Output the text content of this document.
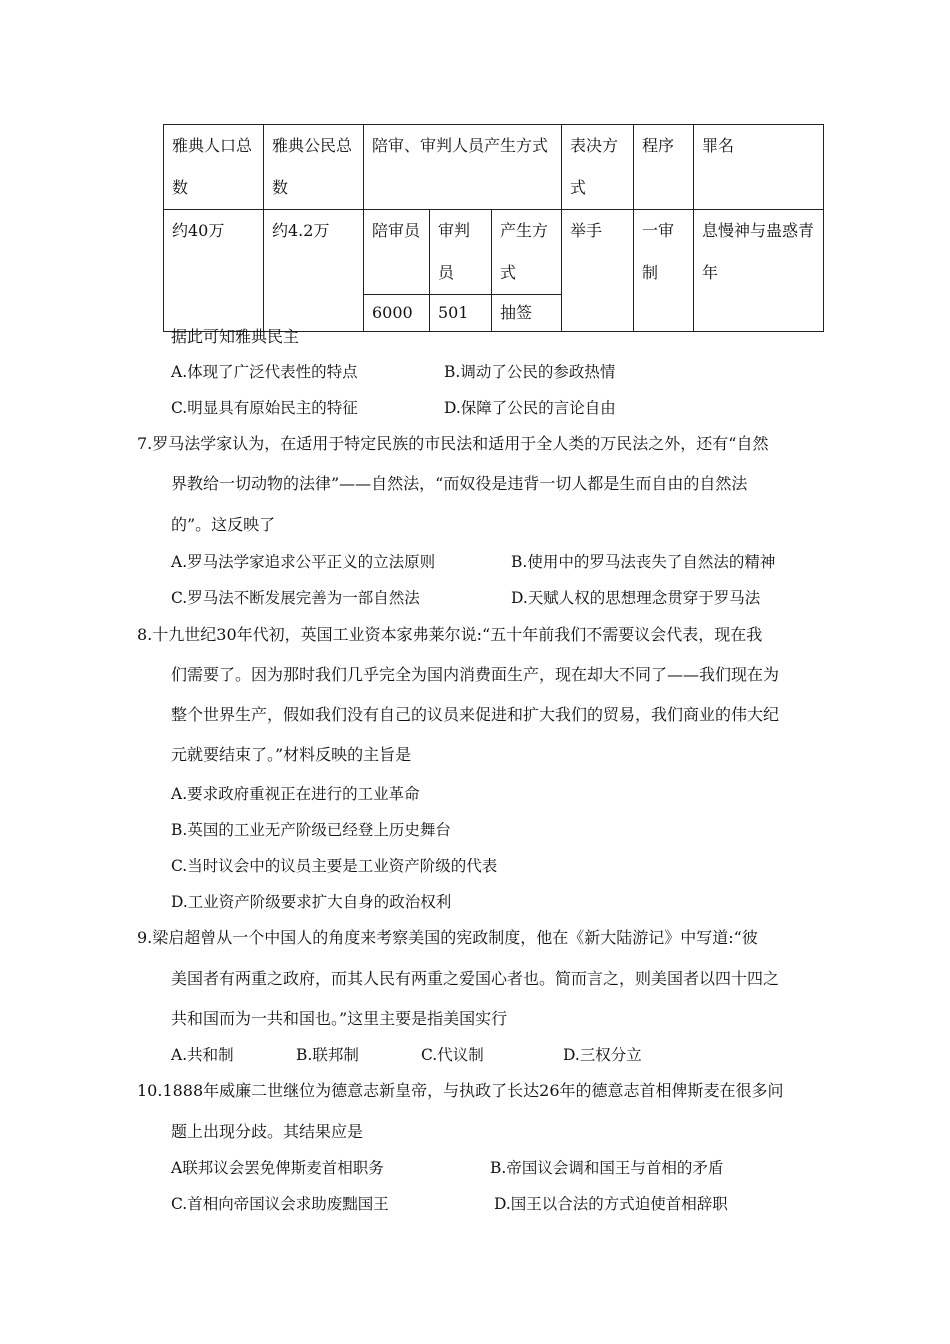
雅典人口总数	雅典公民总数	陪审、审判人员产生方式			表决方式	程序	罪名
约40万	约4.2万	陪审员	审判员	产生方式	举手	一审制	息慢神与蛊惑青年
		6000	501	抽签			
据此可知雅典民主
A.体现了广泛代表性的特点	B.调动了公民的参政热情
C.明显具有原始民主的特征	D.保障了公民的言论自由
7.罗马法学家认为，在适用于特定民族的市民法和适用于全人类的万民法之外，还有“自然
界教给一切动物的法律”——自然法，“而奴役是违背一切人都是生而自由的自然法
的”。这反映了
A.罗马法学家追求公平正义的立法原则	B.使用中的罗马法丧失了自然法的精神
C.罗马法不断发展完善为一部自然法	D.天赋人权的思想理念贯穿于罗马法
8.十九世纪30年代初，英国工业资本家弗莱尔说:“五十年前我们不需要议会代表，现在我
们需要了。因为那时我们几乎完全为国内消费面生产，现在却大不同了——我们现在为
整个世界生产，假如我们没有自己的议员来促进和扩大我们的贸易，我们商业的伟大纪
元就要结束了。”材料反映的主旨是
A.要求政府重视正在进行的工业革命
B.英国的工业无产阶级已经登上历史舞台
C.当时议会中的议员主要是工业资产阶级的代表
D.工业资产阶级要求扩大自身的政治权利
9.梁启超曾从一个中国人的角度来考察美国的宪政制度，他在《新大陆游记》中写道:“彼
美国者有两重之政府，而其人民有两重之爱国心者也。简而言之，则美国者以四十四之
共和国而为一共和国也。”这里主要是指美国实行
A.共和制	B.联邦制	C.代议制	D.三权分立
10.1888年威廉二世继位为德意志新皇帝，与执政了长达26年的德意志首相俾斯麦在很多问
题上出现分歧。其结果应是
A联邦议会罢免俾斯麦首相职务	B.帝国议会调和国王与首相的矛盾
C.首相向帝国议会求助废黜国王	D.国王以合法的方式迫使首相辞职
